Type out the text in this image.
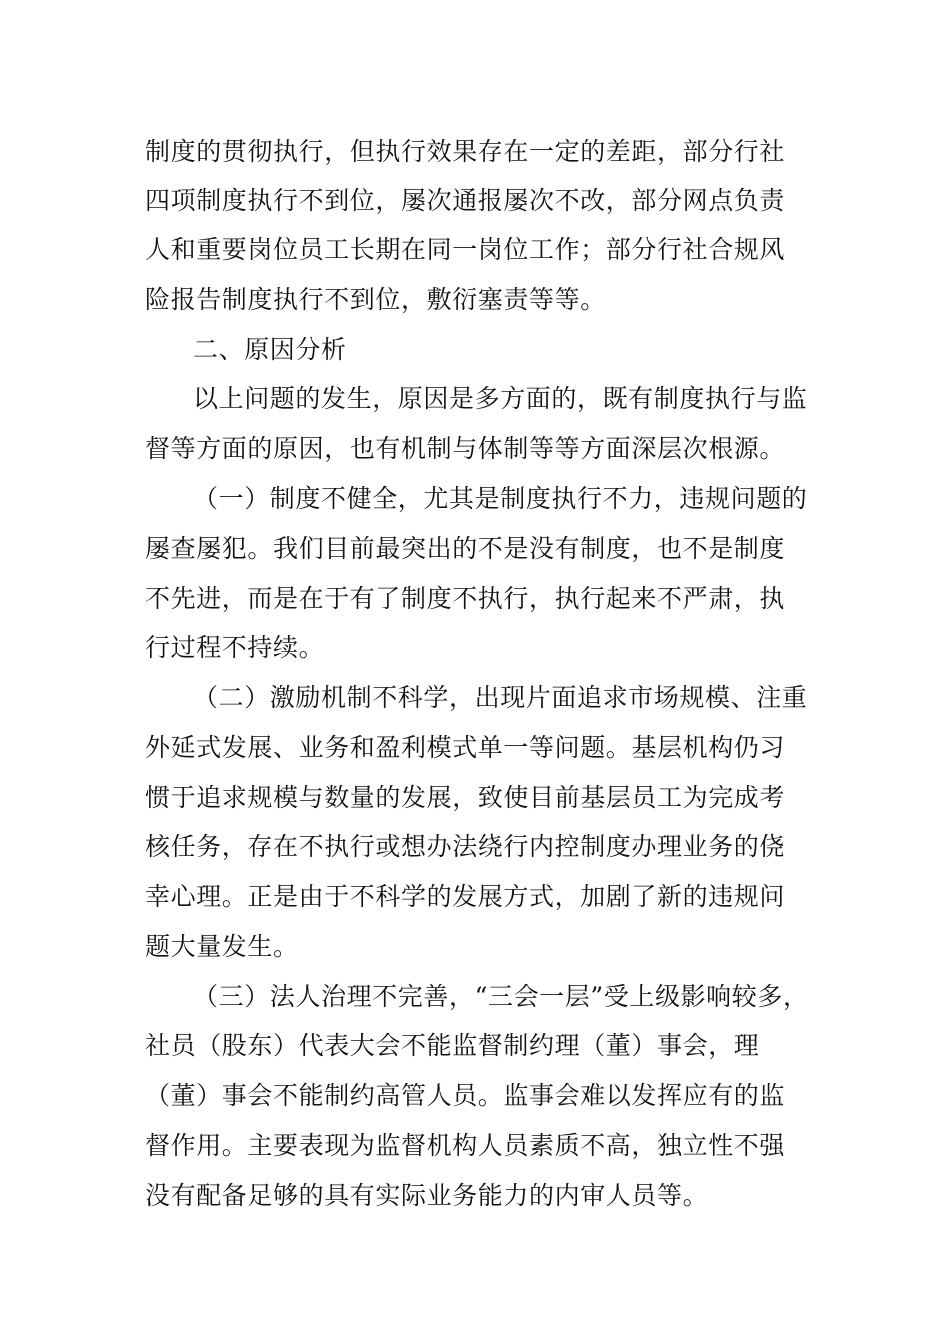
制度的贯彻执行，但执行效果存在一定的差距，部分行社
四项制度执行不到位，屡次通报屡次不改，部分网点负责
人和重要岗位员工长期在同一岗位工作；部分行社合规风
险报告制度执行不到位，敷衍塞责等等。
二、原因分析
以上问题的发生，原因是多方面的，既有制度执行与监
督等方面的原因，也有机制与体制等等方面深层次根源。
（一）制度不健全，尤其是制度执行不力，违规问题的
屡查屡犯。我们目前最突出的不是没有制度，也不是制度
不先进，而是在于有了制度不执行，执行起来不严肃，执
行过程不持续。
（二）激励机制不科学，出现片面追求市场规模、注重
外延式发展、业务和盈利模式单一等问题。基层机构仍习
惯于追求规模与数量的发展，致使目前基层员工为完成考
核任务，存在不执行或想办法绕行内控制度办理业务的侥
幸心理。正是由于不科学的发展方式，加剧了新的违规问
题大量发生。
（三）法人治理不完善，“三会一层”受上级影响较多，
社员（股东）代表大会不能监督制约理（董）事会，理
（董）事会不能制约高管人员。监事会难以发挥应有的监
督作用。主要表现为监督机构人员素质不高，独立性不强
没有配备足够的具有实际业务能力的内审人员等。
